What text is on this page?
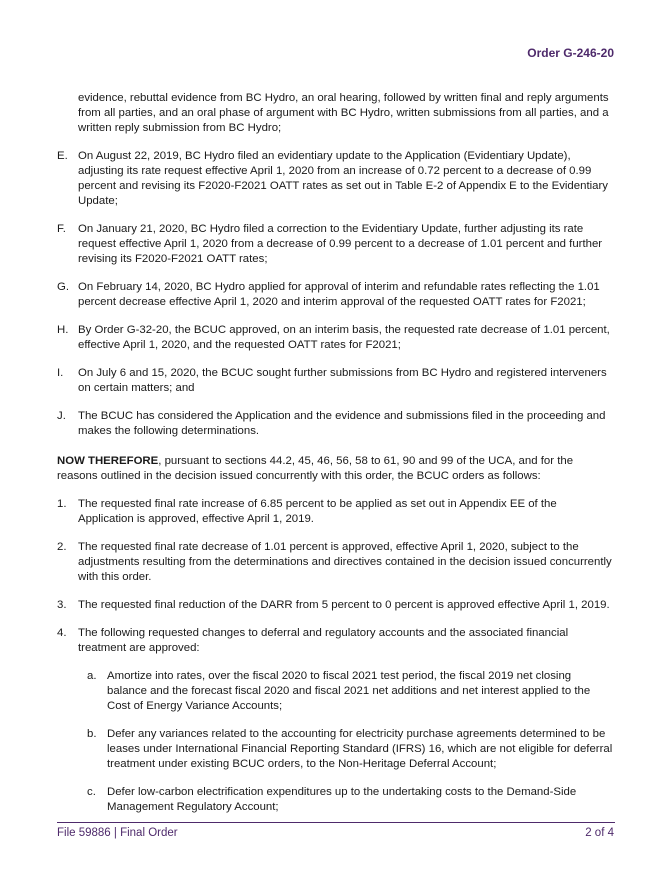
Order G-246-20

evidence, rebuttal evidence from BC Hydro, an oral hearing, followed by written final and reply arguments from all parties, and an oral phase of argument with BC Hydro, written submissions from all parties, and a written reply submission from BC Hydro;

E. On August 22, 2019, BC Hydro filed an evidentiary update to the Application (Evidentiary Update), adjusting its rate request effective April 1, 2020 from an increase of 0.72 percent to a decrease of 0.99 percent and revising its F2020-F2021 OATT rates as set out in Table E-2 of Appendix E to the Evidentiary Update;
F. On January 21, 2020, BC Hydro filed a correction to the Evidentiary Update, further adjusting its rate request effective April 1, 2020 from a decrease of 0.99 percent to a decrease of 1.01 percent and further revising its F2020-F2021 OATT rates;
G. On February 14, 2020, BC Hydro applied for approval of interim and refundable rates reflecting the 1.01 percent decrease effective April 1, 2020 and interim approval of the requested OATT rates for F2021;
H. By Order G-32-20, the BCUC approved, on an interim basis, the requested rate decrease of 1.01 percent, effective April 1, 2020, and the requested OATT rates for F2021;
I. On July 6 and 15, 2020, the BCUC sought further submissions from BC Hydro and registered interveners on certain matters; and
J. The BCUC has considered the Application and the evidence and submissions filed in the proceeding and makes the following determinations.

NOW THEREFORE, pursuant to sections 44.2, 45, 46, 56, 58 to 61, 90 and 99 of the UCA, and for the reasons outlined in the decision issued concurrently with this order, the BCUC orders as follows:

1. The requested final rate increase of 6.85 percent to be applied as set out in Appendix EE of the Application is approved, effective April 1, 2019.
2. The requested final rate decrease of 1.01 percent is approved, effective April 1, 2020, subject to the adjustments resulting from the determinations and directives contained in the decision issued concurrently with this order.
3. The requested final reduction of the DARR from 5 percent to 0 percent is approved effective April 1, 2019.
4. The following requested changes to deferral and regulatory accounts and the associated financial treatment are approved:
a. Amortize into rates, over the fiscal 2020 to fiscal 2021 test period, the fiscal 2019 net closing balance and the forecast fiscal 2020 and fiscal 2021 net additions and net interest applied to the Cost of Energy Variance Accounts;
b. Defer any variances related to the accounting for electricity purchase agreements determined to be leases under International Financial Reporting Standard (IFRS) 16, which are not eligible for deferral treatment under existing BCUC orders, to the Non-Heritage Deferral Account;
c. Defer low-carbon electrification expenditures up to the undertaking costs to the Demand-Side Management Regulatory Account;
File 59886 | Final Order	2 of 4
